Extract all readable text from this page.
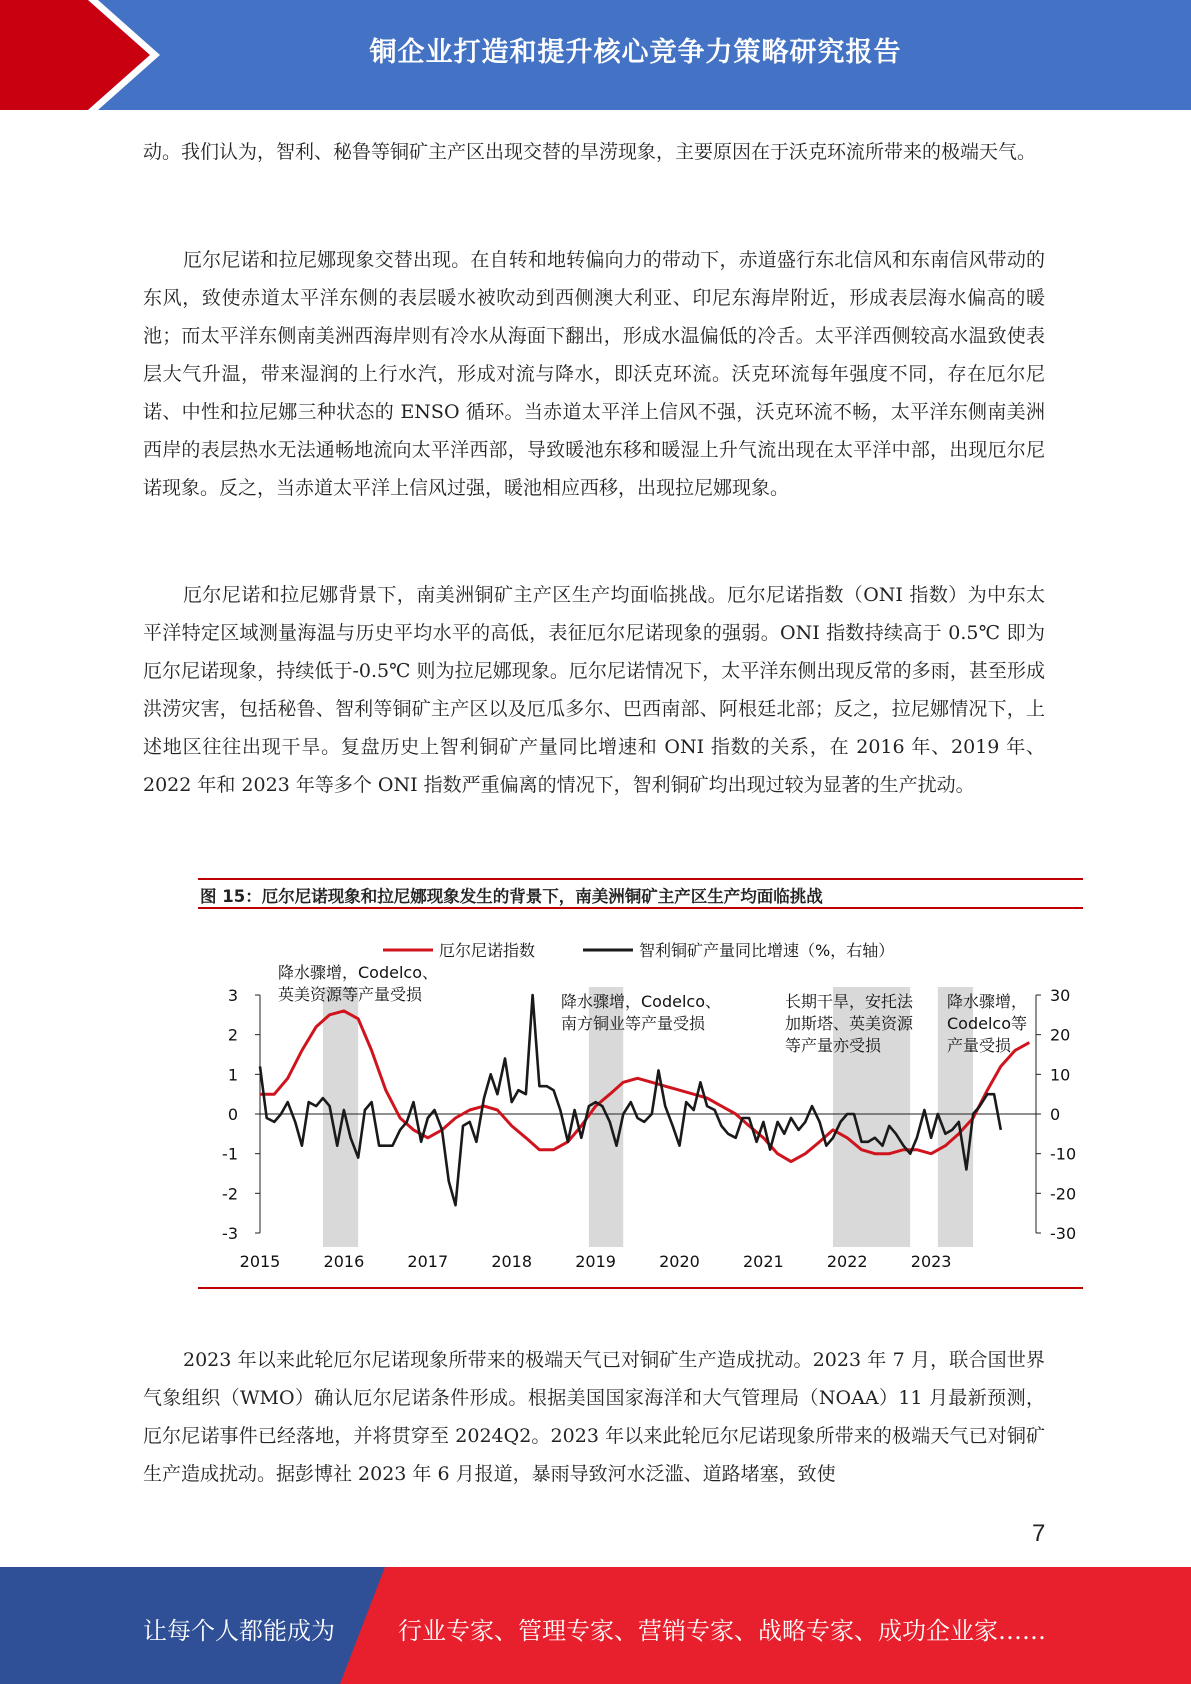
铜企业打造和提升核心竞争力策略研究报告

动。我们认为，智利、秘鲁等铜矿主产区出现交替的旱涝现象，主要原因在于沃克环流所带来的极端天气。

厄尔尼诺和拉尼娜现象交替出现。在自转和地转偏向力的带动下，赤道盛行东北信风和东南信风带动的东风，致使赤道太平洋东侧的表层暖水被吹动到西侧澳大利亚、印尼东海岸附近，形成表层海水偏高的暖池；而太平洋东侧南美洲西海岸则有冷水从海面下翻出，形成水温偏低的冷舌。太平洋西侧较高水温致使表层大气升温，带来湿润的上行水汽，形成对流与降水，即沃克环流。沃克环流每年强度不同，存在厄尔尼诺、中性和拉尼娜三种状态的 ENSO 循环。当赤道太平洋上信风不强，沃克环流不畅，太平洋东侧南美洲西岸的表层热水无法通畅地流向太平洋西部，导致暖池东移和暖湿上升气流出现在太平洋中部，出现厄尔尼诺现象。反之，当赤道太平洋上信风过强，暖池相应西移，出现拉尼娜现象。

厄尔尼诺和拉尼娜背景下，南美洲铜矿主产区生产均面临挑战。厄尔尼诺指数（ONI 指数）为中东太平洋特定区域测量海温与历史平均水平的高低，表征厄尔尼诺现象的强弱。ONI 指数持续高于 0.5℃ 即为厄尔尼诺现象，持续低于-0.5℃ 则为拉尼娜现象。厄尔尼诺情况下，太平洋东侧出现反常的多雨，甚至形成洪涝灾害，包括秘鲁、智利等铜矿主产区以及厄瓜多尔、巴西南部、阿根廷北部；反之，拉尼娜情况下，上述地区往往出现干旱。复盘历史上智利铜矿产量同比增速和 ONI 指数的关系，在 2016 年、2019 年、2022 年和 2023 年等多个 ONI 指数严重偏离的情况下，智利铜矿均出现过较为显著的生产扰动。

图 15：厄尔尼诺现象和拉尼娜现象发生的背景下，南美洲铜矿主产区生产均面临挑战
3
2
1
0
-1
-2
-3
30
20
10
0
-10
-20
-30
2015	2016	2017	2018	2019	2020	2021	2022	2023
厄尔尼诺指数	智利铜矿产量同比增速（%，右轴）
降水骤增，Codelco、英美资源等产量受损	降水骤增，Codelco、南方铜业等产量受损
长期干旱，安托法加斯塔、英美资源等产量亦受损
降水骤增， Codelco等产量受损

2023 年以来此轮厄尔尼诺现象所带来的极端天气已对铜矿生产造成扰动。2023 年 7 月，联合国世界气象组织（WMO）确认厄尔尼诺条件形成。根据美国国家海洋和大气管理局（NOAA）11 月最新预测，厄尔尼诺事件已经落地，并将贯穿至 2024Q2。2023 年以来此轮厄尔尼诺现象所带来的极端天气已对铜矿生产造成扰动。据彭博社 2023 年 6 月报道，暴雨导致河水泛滥、道路堵塞，致使

7
让每个人都能成为	行业专家、管理专家、营销专家、战略专家、成功企业家……
